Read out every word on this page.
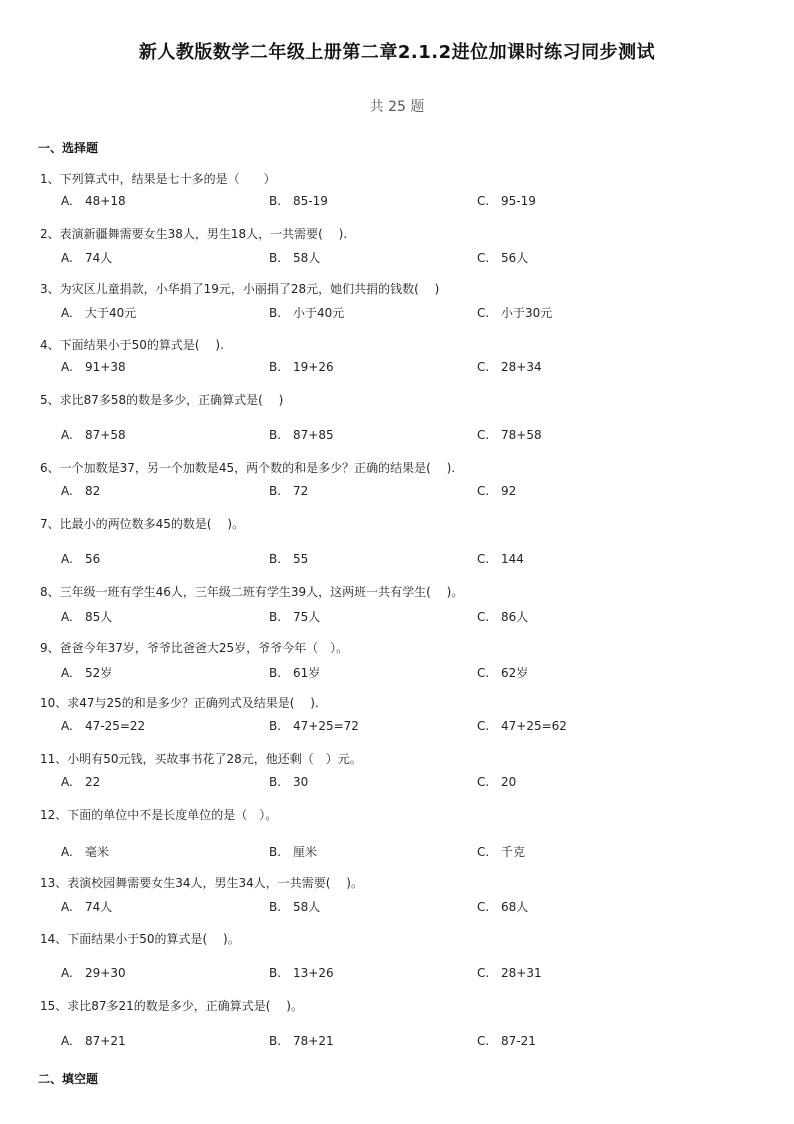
新人教版数学二年级上册第二章2.1.2进位加课时练习同步测试
共 25 题
一、选择题
1、下列算式中，结果是七十多的是（　　）
A. 48+18	B. 85-19	C. 95-19
2、表演新疆舞需要女生38人，男生18人，一共需要(　 ).
A. 74人	B. 58人	C. 56人
3、为灾区儿童捐款，小华捐了19元，小丽捐了28元，她们共捐的钱数(　 )
A. 大于40元	B. 小于40元	C. 小于30元
4、下面结果小于50的算式是(　 ).
A. 91+38	B. 19+26	C. 28+34
5、求比87多58的数是多少，正确算式是(　 )
A. 87+58	B. 87+85	C. 78+58
6、一个加数是37，另一个加数是45，两个数的和是多少？正确的结果是(　 ).
A. 82	B. 72	C. 92
7、比最小的两位数多45的数是(　 )。
A. 56	B. 55	C. 144
8、三年级一班有学生46人，三年级二班有学生39人，这两班一共有学生(　 )。
A. 85人	B. 75人	C. 86人
9、爸爸今年37岁，爷爷比爸爸大25岁，爷爷今年（　）。
A. 52岁	B. 61岁	C. 62岁
10、求47与25的和是多少？正确列式及结果是(　 ).
A. 47-25=22	B. 47+25=72	C. 47+25=62
11、小明有50元钱，买故事书花了28元，他还剩（　）元。
A. 22	B. 30	C. 20
12、下面的单位中不是长度单位的是（　）。
A. 毫米	B. 厘米	C. 千克
13、表演校园舞需要女生34人，男生34人，一共需要(　 )。
A. 74人	B. 58人	C. 68人
14、下面结果小于50的算式是(　 )。
A. 29+30	B. 13+26	C. 28+31
15、求比87多21的数是多少，正确算式是(　 )。
A. 87+21	B. 78+21	C. 87-21
二、填空题
